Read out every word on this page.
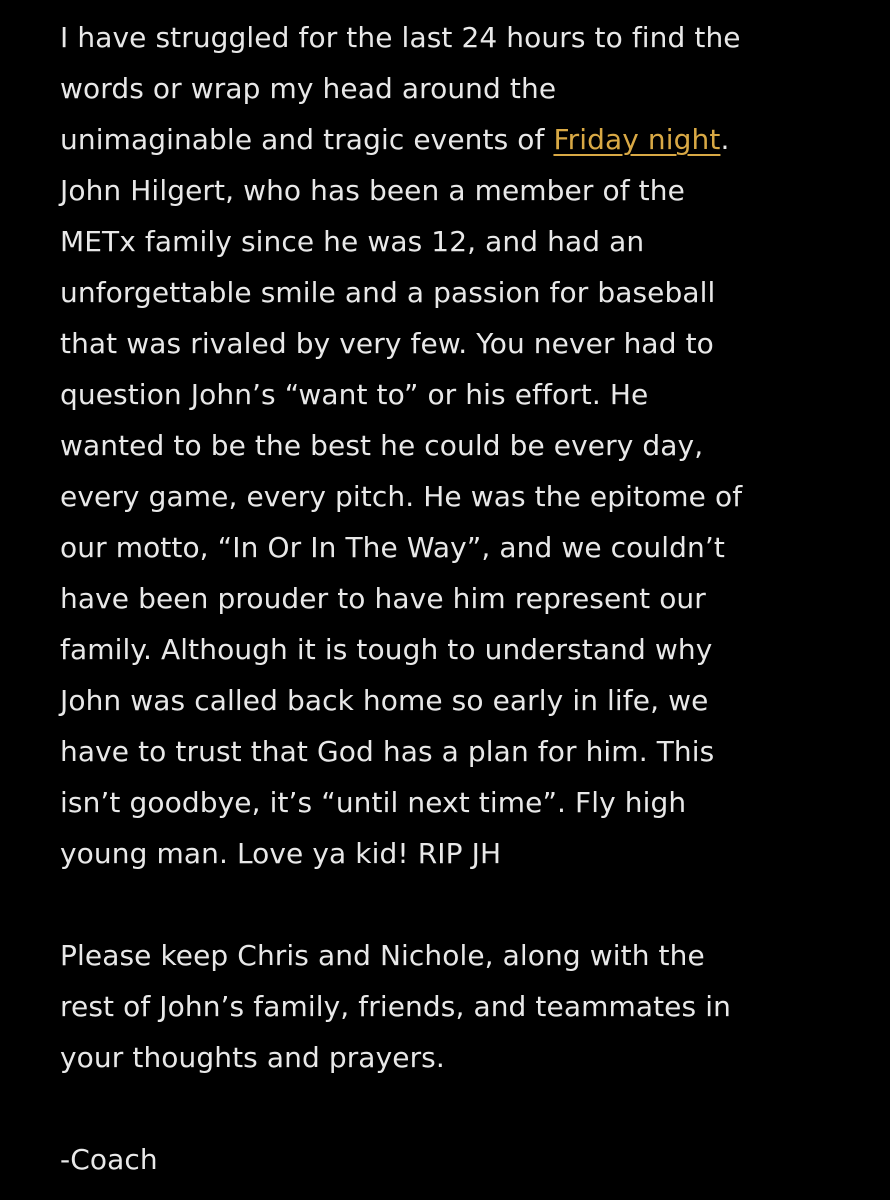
I have struggled for the last 24 hours to find the
words or wrap my head around the
unimaginable and tragic events of Friday night.
John Hilgert, who has been a member of the
METx family since he was 12, and had an
unforgettable smile and a passion for baseball
that was rivaled by very few. You never had to
question John’s “want to” or his effort. He
wanted to be the best he could be every day,
every game, every pitch. He was the epitome of
our motto, “In Or In The Way”, and we couldn’t
have been prouder to have him represent our
family. Although it is tough to understand why
John was called back home so early in life, we
have to trust that God has a plan for him. This
isn’t goodbye, it’s “until next time”. Fly high
young man. Love ya kid! RIP JH
Please keep Chris and Nichole, along with the
rest of John’s family, friends, and teammates in
your thoughts and prayers.
-Coach
